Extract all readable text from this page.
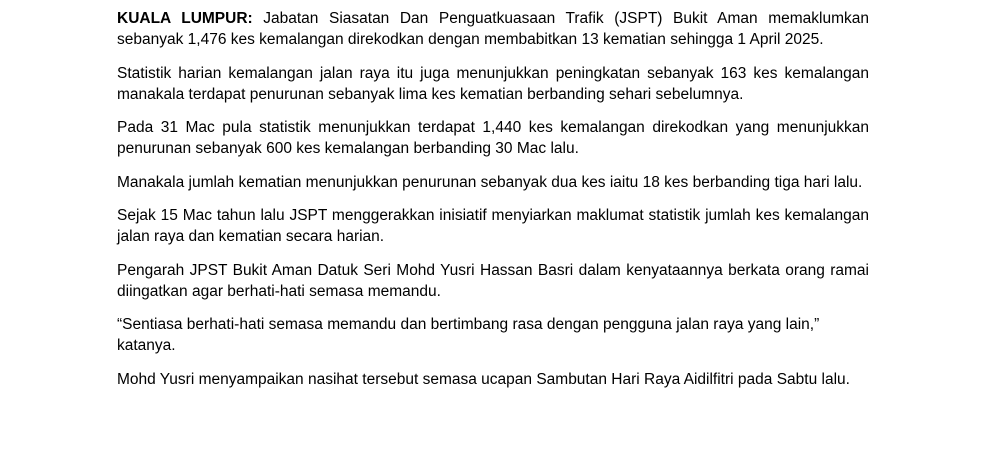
KUALA LUMPUR: Jabatan Siasatan Dan Penguatkuasaan Trafik (JSPT) Bukit Aman memaklumkan sebanyak 1,476 kes kemalangan direkodkan dengan membabitkan 13 kematian sehingga 1 April 2025.

Statistik harian kemalangan jalan raya itu juga menunjukkan peningkatan sebanyak 163 kes kemalangan manakala terdapat penurunan sebanyak lima kes kematian berbanding sehari sebelumnya.

Pada 31 Mac pula statistik menunjukkan terdapat 1,440 kes kemalangan direkodkan yang menunjukkan penurunan sebanyak 600 kes kemalangan berbanding 30 Mac lalu.

Manakala jumlah kematian menunjukkan penurunan sebanyak dua kes iaitu 18 kes berbanding tiga hari lalu.

Sejak 15 Mac tahun lalu JSPT menggerakkan inisiatif menyiarkan maklumat statistik jumlah kes kemalangan jalan raya dan kematian secara harian.

Pengarah JPST Bukit Aman Datuk Seri Mohd Yusri Hassan Basri dalam kenyataannya berkata orang ramai diingatkan agar berhati-hati semasa memandu.

“Sentiasa berhati-hati semasa memandu dan bertimbang rasa dengan pengguna jalan raya yang lain,” katanya.

Mohd Yusri menyampaikan nasihat tersebut semasa ucapan Sambutan Hari Raya Aidilfitri pada Sabtu lalu.
